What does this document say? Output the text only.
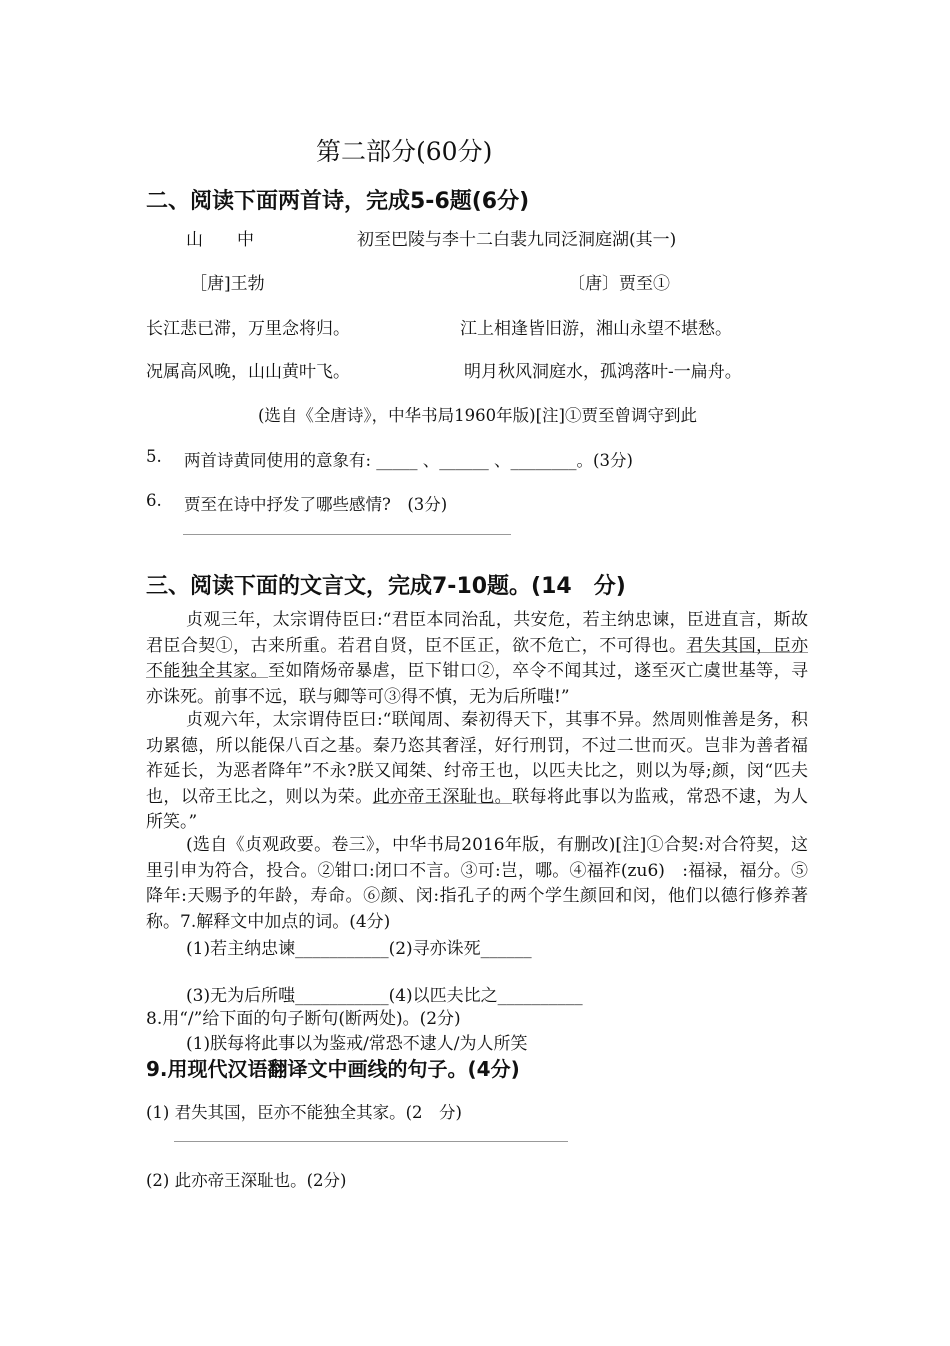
第二部分(60分)
二、阅读下面两首诗，完成5-6题(6分)
山　　中	初至巴陵与李十二白裴九同泛洞庭湖(其一)
［唐]王勃	〔唐〕贾至①
长江悲已滞，万里念将归。	江上相逢皆旧游，湘山永望不堪愁。
况属高风晚，山山黄叶飞。	明月秋风洞庭水，孤鸿落叶-一扁舟。
(选自《全唐诗》，中华书局1960年版)[注]①贾至曾调守到此
5. 两首诗黄同使用的意象有: _____ 、______ 、________。(3分)
6. 贾至在诗中抒发了哪些感情?　(3分)
三、阅读下面的文言文，完成7-10题。(14　分)
贞观三年，太宗谓侍臣曰:“君臣本同治乱，共安危，若主纳忠谏，臣进直言，斯故君臣合契①，古来所重。若君自贤，臣不匡正，欲不危亡，不可得也。君失其国，臣亦不能独全其家。至如隋炀帝暴虐，臣下钳口②，卒令不闻其过，遂至灭亡虞世基等，寻亦诛死。前事不远，联与卿等可③得不慎，无为后所嗤!”
贞观六年，太宗谓侍臣曰:“联闻周、秦初得天下，其事不异。然周则惟善是务，积功累德，所以能保八百之基。秦乃恣其奢淫，好行刑罚，不过二世而灭。岂非为善者福祚延长，为恶者降年”不永?朕又闻桀、纣帝王也，以匹夫比之，则以为辱;颜，闵“匹夫也，以帝王比之，则以为荣。此亦帝王深耻也。联每将此事以为监戒，常恐不逮，为人所笑。”
(选自《贞观政要。卷三》，中华书局2016年版，有删改)[注]①合契:对合符契，这里引申为符合，投合。②钳口:闭口不言。③可:岂，哪。④福祚(zu6)　:福禄，福分。⑤降年:天赐予的年龄，寿命。⑥颜、闵:指孔子的两个学生颜回和闵，他们以德行修养著称。7.解释文中加点的词。(4分)
(1)若主纳忠谏___________(2)寻亦诛死______
(3)无为后所嗤___________(4)以匹夫比之__________
8.用“/”给下面的句子断句(断两处)。(2分)
(1)朕每将此事以为鉴戒/常恐不逮人/为人所笑
9.用现代汉语翻译文中画线的句子。(4分)
(1) 君失其国，臣亦不能独全其家。(2　分)
(2) 此亦帝王深耻也。(2分)
